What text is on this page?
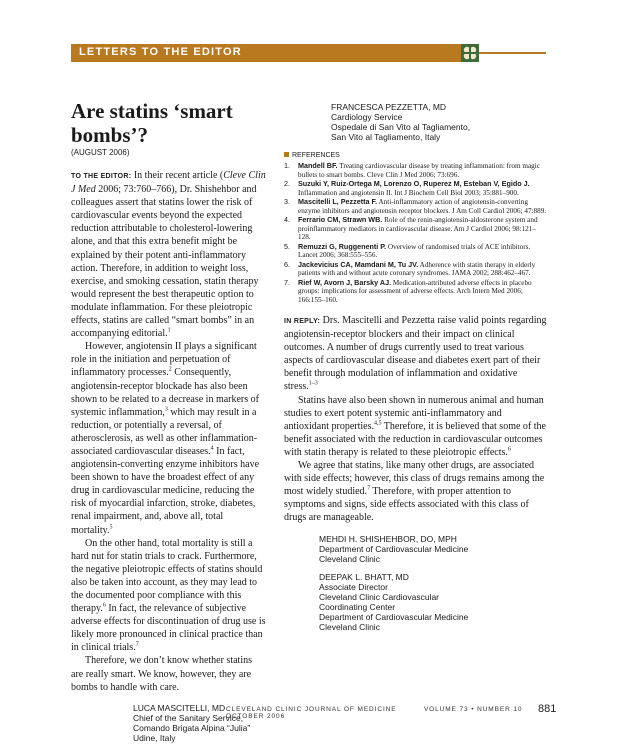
LETTERS TO THE EDITOR
Are statins ‘smart bombs’?
(AUGUST 2006)

TO THE EDITOR: In their recent article (Cleve Clin J Med 2006; 73:760–766), Dr. Shishehbor and colleagues assert that statins lower the risk of cardiovascular events beyond the expected reduction attributable to cholesterol-lowering alone, and that this extra benefit might be explained by their potent anti-inflammatory action. Therefore, in addition to weight loss, exercise, and smoking cessation, statin therapy would represent the best therapeutic option to modulate inflammation. For these pleiotropic effects, statins are called “smart bombs” in an accompanying editorial.$^1$

However, angiotensin II plays a significant role in the initiation and perpetuation of inflammatory processes.$^2$ Consequently, angiotensin-receptor blockade has also been shown to be related to a decrease in markers of systemic inflammation,$^3$ which may result in a reduction, or potentially a reversal, of atherosclerosis, as well as other inflammation-associated cardiovascular diseases.$^4$ In fact, angiotensin-converting enzyme inhibitors have been shown to have the broadest effect of any drug in cardiovascular medicine, reducing the risk of myocardial infarction, stroke, diabetes, renal impairment, and, above all, total mortality.$^5$

On the other hand, total mortality is still a hard nut for statin trials to crack. Furthermore, the negative pleiotropic effects of statins should also be taken into account, as they may lead to the documented poor compliance with this therapy.$^6$ In fact, the relevance of subjective adverse effects for discontinuation of drug use is likely more pronounced in clinical practice than in clinical trials.$^7$

Therefore, we don’t know whether statins are really smart. We know, however, they are bombs to handle with care.

LUCA MASCITELLI, MD
Chief of the Sanitary Service,
Comando Brigata Alpina “Julia”
Udine, Italy
FRANCESCA PEZZETTA, MD
Cardiology Service
Ospedale di San Vito al Tagliamento,
San Vito al Tagliamento, Italy
REFERENCES
1. Mandell BF. Treating cardiovascular disease by treating inflammation: from magic bullets to smart bombs. Cleve Clin J Med 2006; 73:696.
2. Suzuki Y, Ruiz-Ortega M, Lorenzo O, Ruperez M, Esteban V, Egido J. Inflammation and angiotensin II. Int J Biochem Cell Biol 2003; 35:881–900.
3. Mascitelli L, Pezzetta F. Anti-inflammatory action of angiotensin-converting enzyme inhibitors and angiotensin receptor blockers. J Am Coll Cardiol 2006; 47:889.
4. Ferrario CM, Strawn WB. Role of the renin-angiotensin-aldosterone system and proinflammatory mediators in cardiovascular disease. Am J Cardiol 2006; 98:121–128.
5. Remuzzi G, Ruggenenti P. Overview of randomised trials of ACE inhibitors. Lancet 2006; 368:555–556.
6. Jackevicius CA, Mamdani M, Tu JV. Adherence with statin therapy in elderly patients with and without acute coronary syndromes. JAMA 2002; 288:462–467.
7. Rief W, Avorn J, Barsky AJ. Medication-attributed adverse effects in placebo groups: implications for assessment of adverse effects. Arch Intern Med 2006; 166:155–160.

IN REPLY: Drs. Mascitelli and Pezzetta raise valid points regarding angiotensin-receptor blockers and their impact on clinical outcomes. A number of drugs currently used to treat various aspects of cardiovascular disease and diabetes exert part of their benefit through modulation of inflammation and oxidative stress.$^{1-3}$

Statins have also been shown in numerous animal and human studies to exert potent systemic anti-inflammatory and antioxidant properties.$^{4,5}$ Therefore, it is believed that some of the benefit associated with the reduction in cardiovascular outcomes with statin therapy is related to these pleiotropic effects.$^6$

We agree that statins, like many other drugs, are associated with side effects; however, this class of drugs remains among the most widely studied.$^7$ Therefore, with proper attention to symptoms and signs, side effects associated with this class of drugs are manageable.

MEHDI H. SHISHEHBOR, DO, MPH
Department of Cardiovascular Medicine
Cleveland Clinic
DEEPAK L. BHATT, MD
Associate Director
Cleveland Clinic Cardiovascular
Coordinating Center
Department of Cardiovascular Medicine
Cleveland Clinic
CLEVELAND CLINIC JOURNAL OF MEDICINE	VOLUME 73 • NUMBER 10  OCTOBER 2006
881
